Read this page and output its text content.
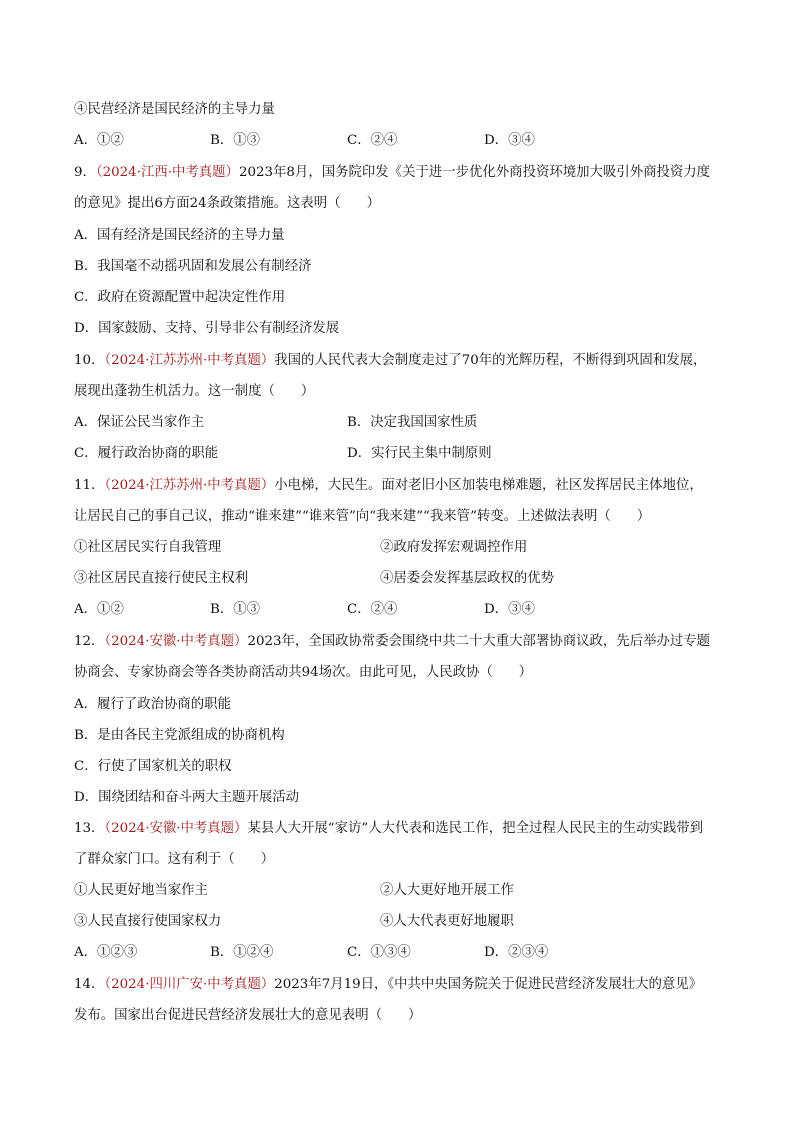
④民营经济是国民经济的主导力量
A．①②	B．①③	C．②④	D．③④
9．（2024·江西·中考真题）2023年8月，国务院印发《关于进一步优化外商投资环境加大吸引外商投资力度
的意见》提出6方面24条政策措施。这表明（ ）
A．国有经济是国民经济的主导力量
B．我国毫不动摇巩固和发展公有制经济
C．政府在资源配置中起决定性作用
D．国家鼓励、支持、引导非公有制经济发展
10．（2024·江苏苏州·中考真题）我国的人民代表大会制度走过了70年的光辉历程，不断得到巩固和发展，
展现出蓬勃生机活力。这一制度（ ）
A．保证公民当家作主	B．决定我国国家性质
C．履行政治协商的职能	D．实行民主集中制原则
11．（2024·江苏苏州·中考真题）小电梯，大民生。面对老旧小区加装电梯难题，社区发挥居民主体地位，
让居民自己的事自己议，推动“谁来建”“谁来管”向“我来建”“我来管”转变。上述做法表明（ ）
①社区居民实行自我管理	②政府发挥宏观调控作用
③社区居民直接行使民主权利	④居委会发挥基层政权的优势
A．①②	B．①③	C．②④	D．③④
12．（2024·安徽·中考真题）2023年，全国政协常委会围绕中共二十大重大部署协商议政，先后举办过专题
协商会、专家协商会等各类协商活动共94场次。由此可见，人民政协（ ）
A．履行了政治协商的职能
B．是由各民主党派组成的协商机构
C．行使了国家机关的职权
D．围绕团结和奋斗两大主题开展活动
13．（2024·安徽·中考真题）某县人大开展“家访”人大代表和选民工作，把全过程人民民主的生动实践带到
了群众家门口。这有利于（ ）
①人民更好地当家作主	②人大更好地开展工作
③人民直接行使国家权力	④人大代表更好地履职
A．①②③	B．①②④	C．①③④	D．②③④
14．（2024·四川广安·中考真题）2023年7月19日，《中共中央国务院关于促进民营经济发展壮大的意见》
发布。国家出台促进民营经济发展壮大的意见表明（ ）
